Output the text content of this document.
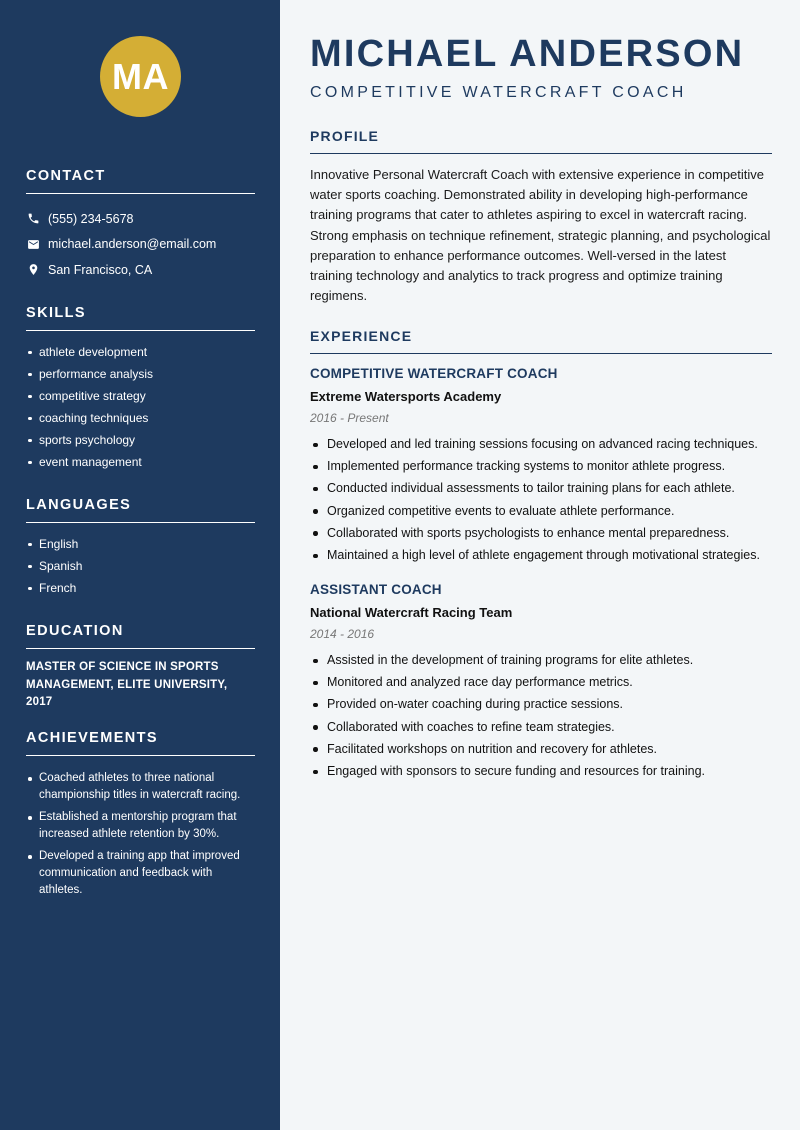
MA
CONTACT
(555) 234-5678
michael.anderson@email.com
San Francisco, CA
SKILLS
athlete development
performance analysis
competitive strategy
coaching techniques
sports psychology
event management
LANGUAGES
English
Spanish
French
EDUCATION
MASTER OF SCIENCE IN SPORTS MANAGEMENT, ELITE UNIVERSITY, 2017
ACHIEVEMENTS
Coached athletes to three national championship titles in watercraft racing.
Established a mentorship program that increased athlete retention by 30%.
Developed a training app that improved communication and feedback with athletes.
MICHAEL ANDERSON
COMPETITIVE WATERCRAFT COACH
PROFILE

Innovative Personal Watercraft Coach with extensive experience in competitive water sports coaching. Demonstrated ability in developing high-performance training programs that cater to athletes aspiring to excel in watercraft racing. Strong emphasis on technique refinement, strategic planning, and psychological preparation to enhance performance outcomes. Well-versed in the latest training technology and analytics to track progress and optimize training regimens.

EXPERIENCE
COMPETITIVE WATERCRAFT COACH
Extreme Watersports Academy
2016 - Present
Developed and led training sessions focusing on advanced racing techniques.
Implemented performance tracking systems to monitor athlete progress.
Conducted individual assessments to tailor training plans for each athlete.
Organized competitive events to evaluate athlete performance.
Collaborated with sports psychologists to enhance mental preparedness.
Maintained a high level of athlete engagement through motivational strategies.
ASSISTANT COACH
National Watercraft Racing Team
2014 - 2016
Assisted in the development of training programs for elite athletes.
Monitored and analyzed race day performance metrics.
Provided on-water coaching during practice sessions.
Collaborated with coaches to refine team strategies.
Facilitated workshops on nutrition and recovery for athletes.
Engaged with sponsors to secure funding and resources for training.
